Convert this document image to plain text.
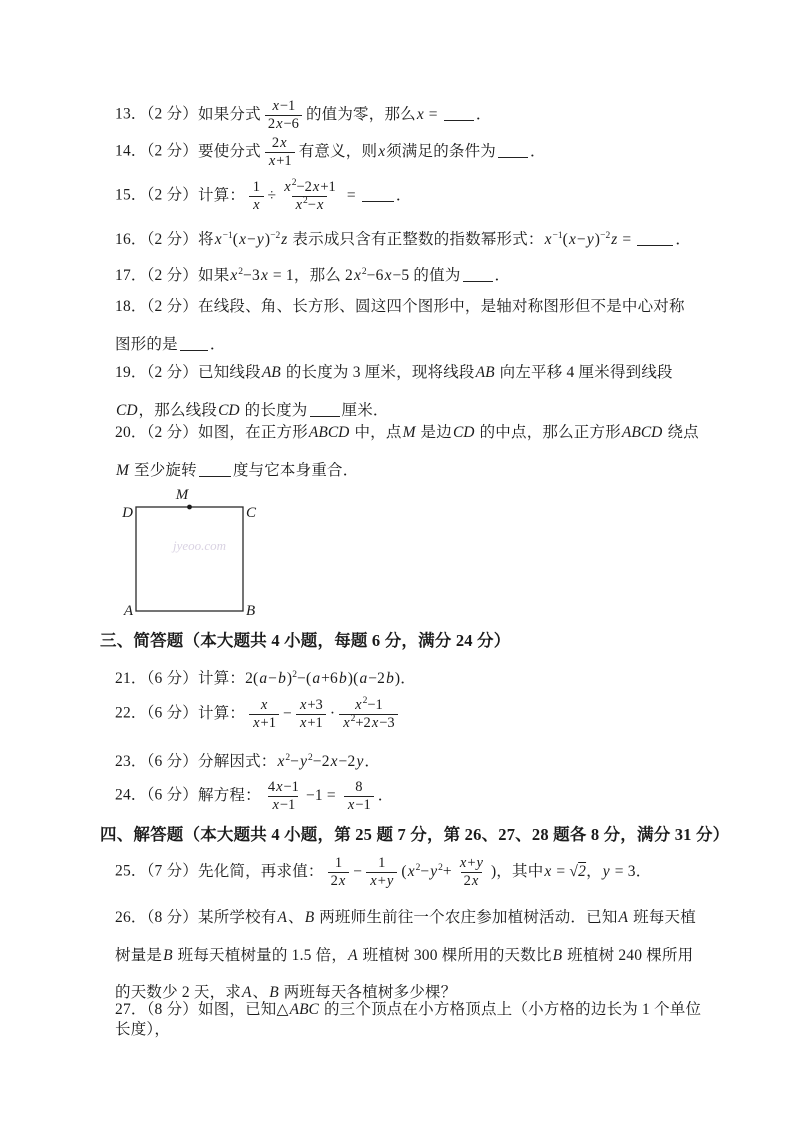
13．（2 分）如果分式 $\frac{x-1}{2x-6}$ 的值为零，那么x = ．
14．（2 分）要使分式 $\frac{2x}{x+1}$ 有意义，则x须满足的条件为 ．
15．（2 分）计算： $\frac{1}{x} \div \frac{x^2-2x+1}{x^2-x}$ = ．
16．（2 分）将$x^{-1}(x-y)^{-2}z$ 表示成只含有正整数的指数幂形式：$x^{-1}(x-y)^{-2}z$ =	．
17．（2 分）如果$x^2-3x = 1$，那么 $2x^2-6x-5$ 的值为 ．
18．（2 分）在线段、角、长方形、圆这四个图形中，是轴对称图形但不是中心对称图形的是 ．
19．（2 分）已知线段AB 的长度为 3 厘米，现将线段AB 向左平移 4 厘米得到线段CD，那么线段CD 的长度为 厘米．
20．（2 分）如图，在正方形ABCD 中，点M 是边CD 的中点，那么正方形ABCD 绕点M 至少旋转 度与它本身重合．
jyeoo.com
D
M
C
A	B
三、简答题（本大题共 4 小题，每题 6 分，满分 24 分）
21．（6 分）计算：$2(a-b)^2-(a+6b)(a-2b)$．
22．（6 分）计算： $\frac{x}{x+1} - \frac{x+3}{x+1} \cdot \frac{x^2-1}{x^2+2x-3}$
23．（6 分）分解因式：$x^2-y^2-2x-2y$．
24．（6 分）解方程： $\frac{4x-1}{x-1} -1 = \frac{8}{x-1}$ ．
四、解答题（本大题共 4 小题，第 25 题 7 分，第 26、27、28 题各 8 分，满分 31 分）
25．（7 分）先化简，再求值： $\frac{1}{2x} - \frac{1}{x+y} (x^2-y^2+ \frac{x+y}{2x}$ )，其中x = √2，y = 3．
26．（8 分）某所学校有A、B 两班师生前往一个农庄参加植树活动．已知A 班每天植树量是B 班每天植树量的 1.5 倍，A 班植树 300 棵所用的天数比B 班植树 240 棵所用的天数少 2 天，求A、B 两班每天各植树多少棵？
27．（8 分）如图，已知△ABC 的三个顶点在小方格顶点上（小方格的边长为 1 个单位长度），
